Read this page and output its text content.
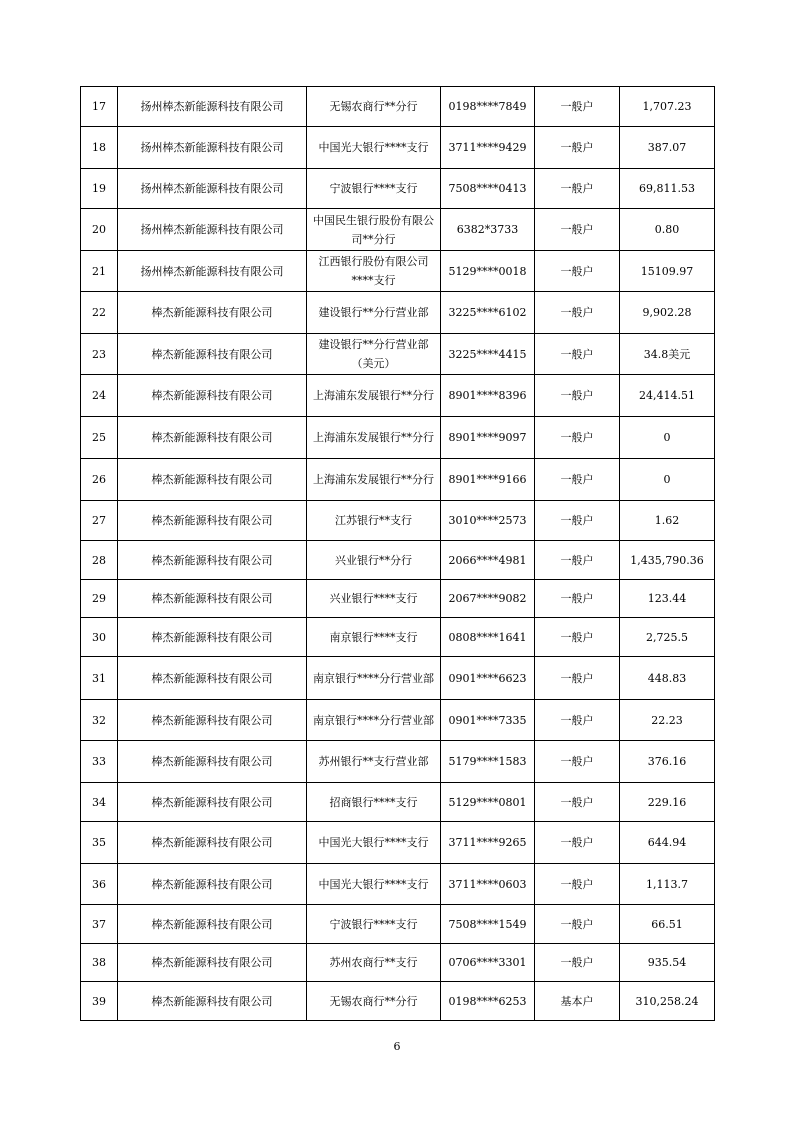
17	扬州棒杰新能源科技有限公司	无锡农商行**分行	0198****7849	一般户	1,707.23
18	扬州棒杰新能源科技有限公司	中国光大银行****支行	3711****9429	一般户	387.07
19	扬州棒杰新能源科技有限公司	宁波银行****支行	7508****0413	一般户	69,811.53
20	扬州棒杰新能源科技有限公司	中国民生银行股份有限公司**分行	6382*3733	一般户	0.80
21	扬州棒杰新能源科技有限公司	江西银行股份有限公司****支行	5129****0018	一般户	15109.97
22	棒杰新能源科技有限公司	建设银行**分行营业部	3225****6102	一般户	9,902.28
23	棒杰新能源科技有限公司	建设银行**分行营业部（美元）	3225****4415	一般户	34.8美元
24	棒杰新能源科技有限公司	上海浦东发展银行**分行	8901****8396	一般户	24,414.51
25	棒杰新能源科技有限公司	上海浦东发展银行**分行	8901****9097	一般户	0
26	棒杰新能源科技有限公司	上海浦东发展银行**分行	8901****9166	一般户	0
27	棒杰新能源科技有限公司	江苏银行**支行	3010****2573	一般户	1.62
28	棒杰新能源科技有限公司	兴业银行**分行	2066****4981	一般户	1,435,790.36
29	棒杰新能源科技有限公司	兴业银行****支行	2067****9082	一般户	123.44
30	棒杰新能源科技有限公司	南京银行****支行	0808****1641	一般户	2,725.5
31	棒杰新能源科技有限公司	南京银行****分行营业部	0901****6623	一般户	448.83
32	棒杰新能源科技有限公司	南京银行****分行营业部	0901****7335	一般户	22.23
33	棒杰新能源科技有限公司	苏州银行**支行营业部	5179****1583	一般户	376.16
34	棒杰新能源科技有限公司	招商银行****支行	5129****0801	一般户	229.16
35	棒杰新能源科技有限公司	中国光大银行****支行	3711****9265	一般户	644.94
36	棒杰新能源科技有限公司	中国光大银行****支行	3711****0603	一般户	1,113.7
37	棒杰新能源科技有限公司	宁波银行****支行	7508****1549	一般户	66.51
38	棒杰新能源科技有限公司	苏州农商行**支行	0706****3301	一般户	935.54
39	棒杰新能源科技有限公司	无锡农商行**分行	0198****6253	基本户	310,258.24
6
